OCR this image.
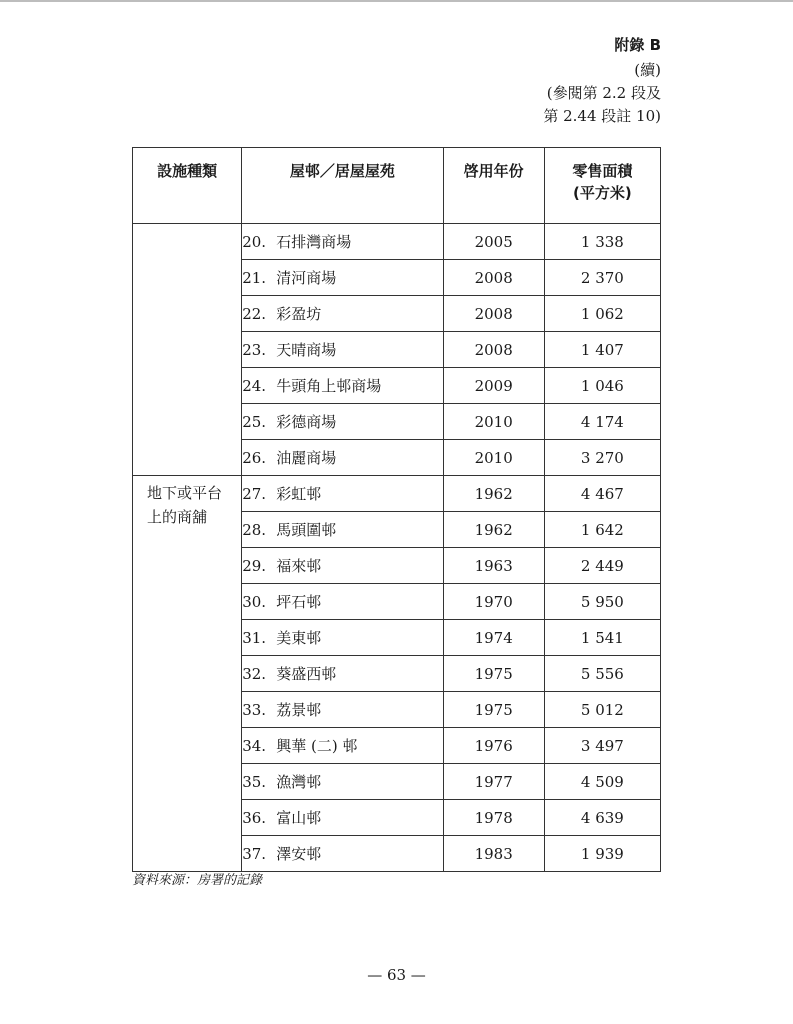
附錄 B
(續)
(參閱第 2.2 段及
第 2.44 段註 10)
設施種類	屋邨／居屋屋苑	啓用年份	零售面積
(平方米)

	20. 石排灣商場	2005	1 338
	21. 清河商場	2008	2 370
	22. 彩盈坊	2008	1 062
	23. 天晴商場	2008	1 407
	24. 牛頭角上邨商場	2009	1 046
	25. 彩德商場	2010	4 174
	26. 油麗商場	2010	3 270

地下或平台
上的商舖	27. 彩虹邨	1962	4 467
	28. 馬頭圍邨	1962	1 642
	29. 福來邨	1963	2 449
	30. 坪石邨	1970	5 950
	31. 美東邨	1974	1 541
	32. 葵盛西邨	1975	5 556
	33. 荔景邨	1975	5 012
	34. 興華 (二) 邨	1976	3 497
	35. 漁灣邨	1977	4 509
	36. 富山邨	1978	4 639
	37. 澤安邨	1983	1 939
資料來源：房署的記錄
— 63 —
